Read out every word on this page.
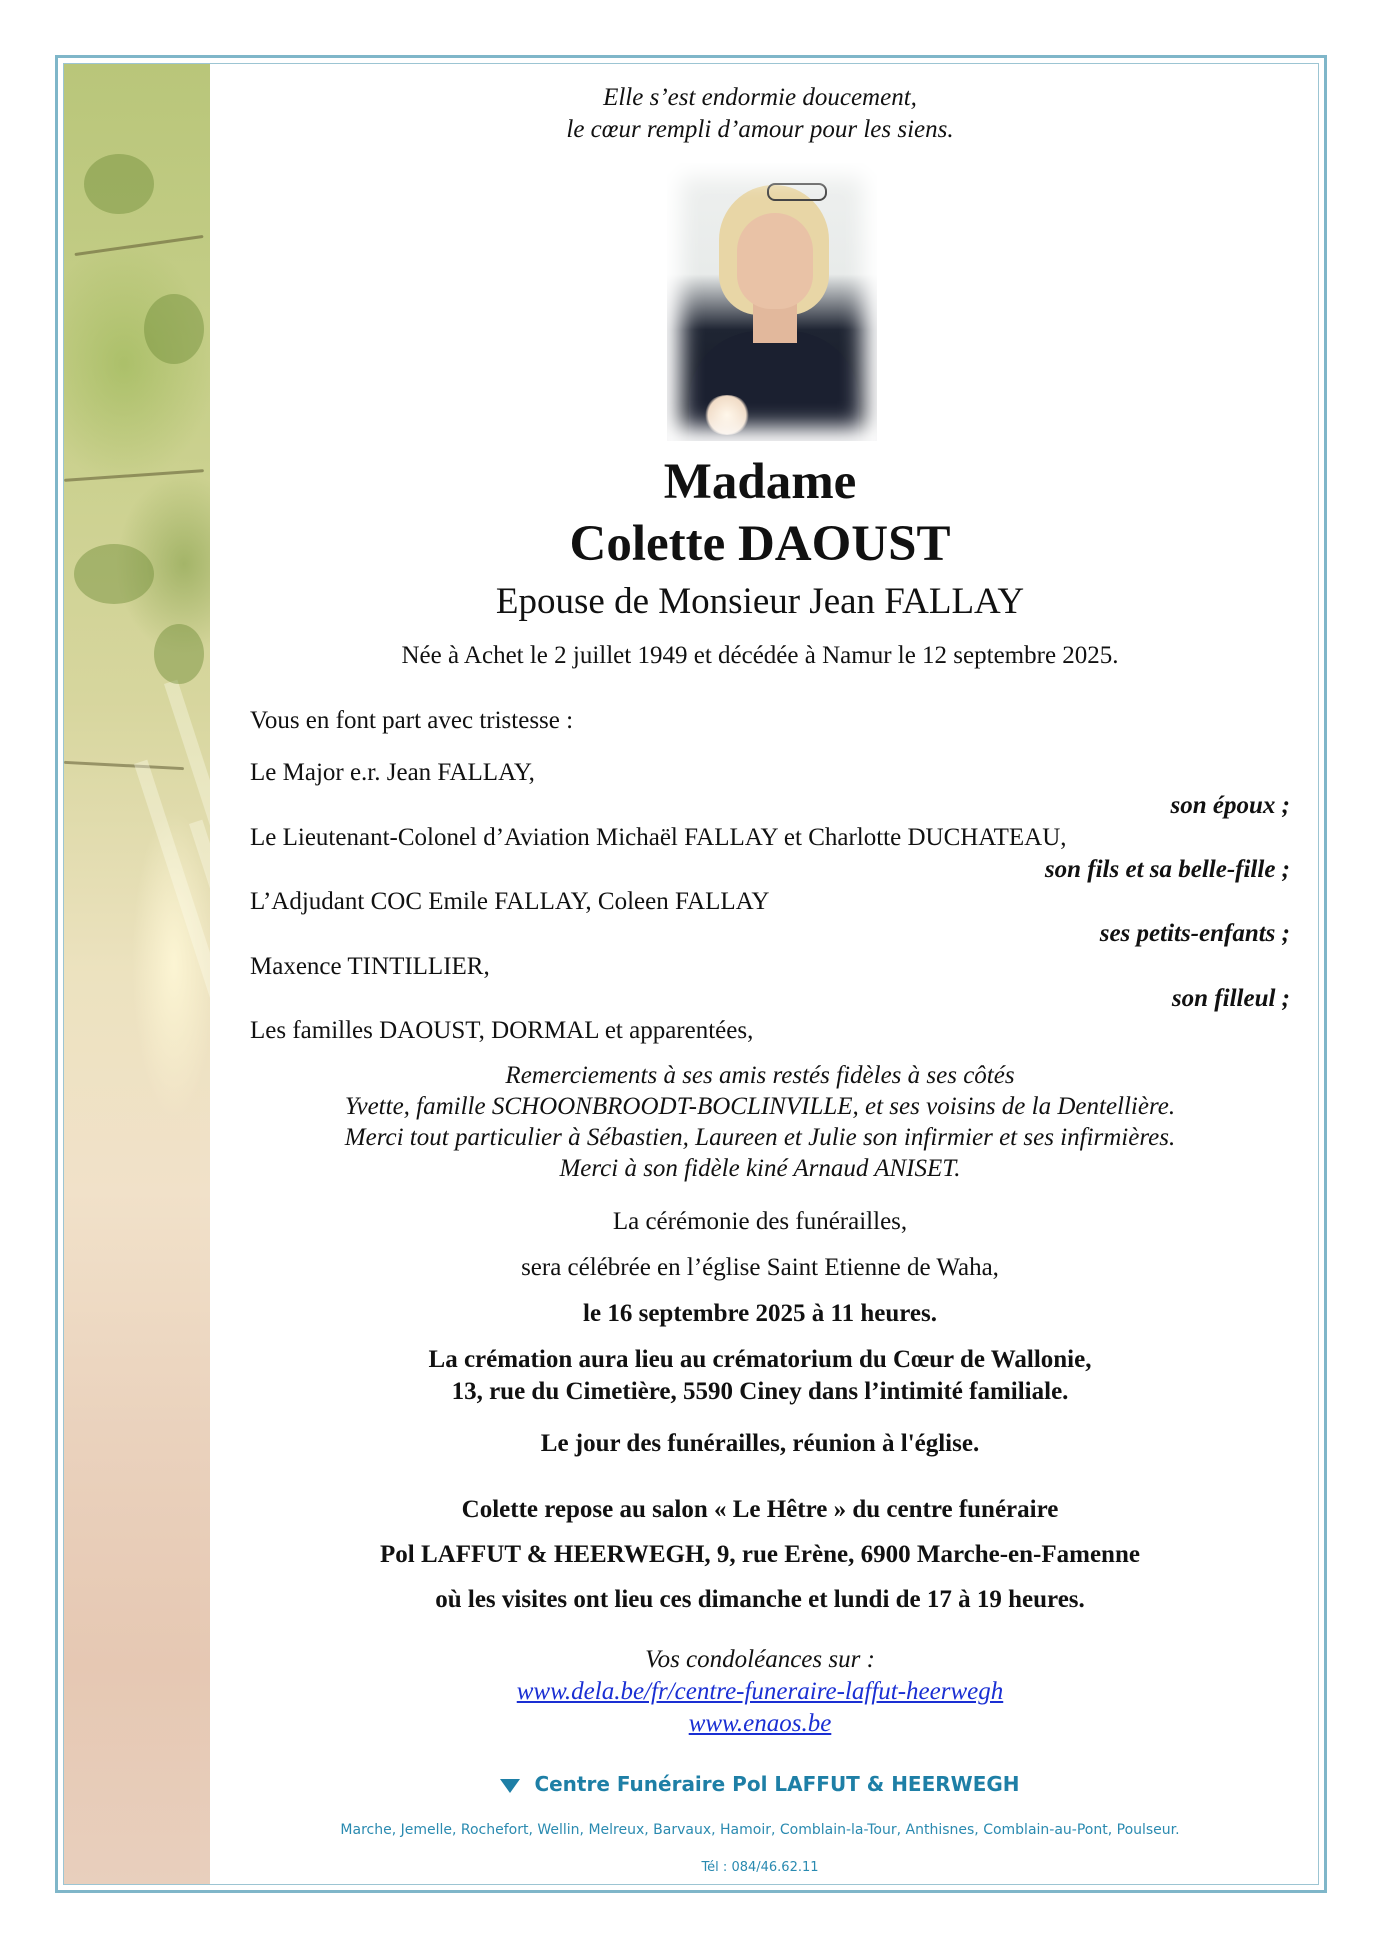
Elle s’est endormie doucement,
le cœur rempli d’amour pour les siens.
Madame
Colette DAOUST
Epouse de Monsieur Jean FALLAY
Née à Achet le 2 juillet 1949 et décédée à Namur le 12 septembre 2025.
Vous en font part avec tristesse :
Le Major e.r. Jean FALLAY,
son époux ;
Le Lieutenant-Colonel d’Aviation Michaël FALLAY et Charlotte DUCHATEAU,
son fils et sa belle-fille ;
L’Adjudant COC Emile FALLAY, Coleen FALLAY
ses petits-enfants ;
Maxence TINTILLIER,
son filleul ;
Les familles DAOUST, DORMAL et apparentées,
Remerciements à ses amis restés fidèles à ses côtés
Yvette, famille SCHOONBROODT-BOCLINVILLE, et ses voisins de la Dentellière.
Merci tout particulier à Sébastien, Laureen et Julie son infirmier et ses infirmières.
Merci à son fidèle kiné Arnaud ANISET.
La cérémonie des funérailles,
sera célébrée en l’église Saint Etienne de Waha,
le 16 septembre 2025 à 11 heures.
La crémation aura lieu au crématorium du Cœur de Wallonie,
13, rue du Cimetière, 5590 Ciney dans l’intimité familiale.
Le jour des funérailles, réunion à l'église.
Colette repose au salon « Le Hêtre » du centre funéraire
Pol LAFFUT & HEERWEGH, 9, rue Erène, 6900 Marche-en-Famenne
où les visites ont lieu ces dimanche et lundi de 17 à 19 heures.
Vos condoléances sur :
www.dela.be/fr/centre-funeraire-laffut-heerwegh
www.enaos.be
Centre Funéraire Pol LAFFUT & HEERWEGH
Marche, Jemelle, Rochefort, Wellin, Melreux, Barvaux, Hamoir, Comblain-la-Tour, Anthisnes, Comblain-au-Pont, Poulseur.
Tél : 084/46.62.11
